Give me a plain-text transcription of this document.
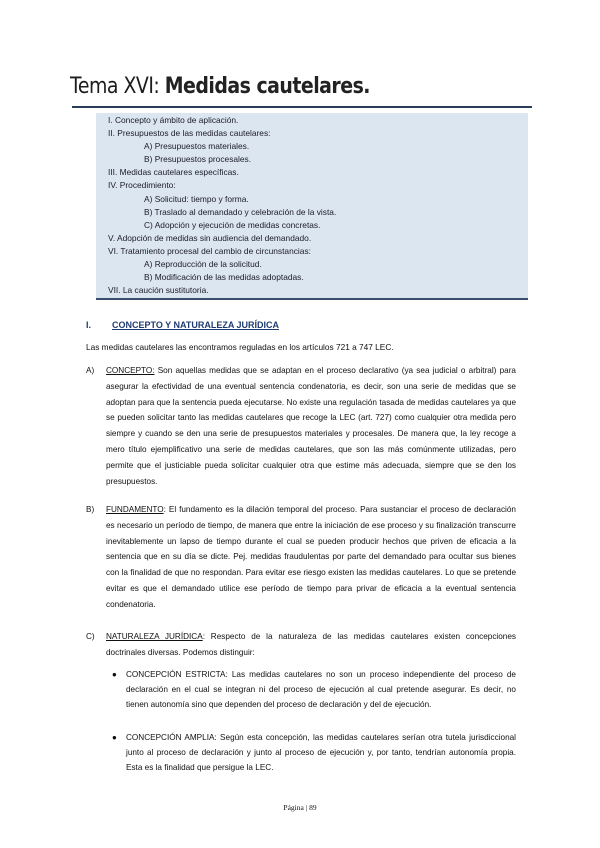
Tema XVI: Medidas cautelares.
I. Concepto y ámbito de aplicación.
II. Presupuestos de las medidas cautelares:
A) Presupuestos materiales.
B) Presupuestos procesales.
III. Medidas cautelares específicas.
IV. Procedimiento:
A) Solicitud: tiempo y forma.
B) Traslado al demandado y celebración de la vista.
C) Adopción y ejecución de medidas concretas.
V. Adopción de medidas sin audiencia del demandado.
VI. Tratamiento procesal del cambio de circunstancias:
A) Reproducción de la solicitud.
B) Modificación de las medidas adoptadas.
VII. La caución sustitutoria.
I. CONCEPTO Y NATURALEZA JURÍDICA
Las medidas cautelares las encontramos reguladas en los artículos 721 a 747 LEC.
A) CONCEPTO: Son aquellas medidas que se adaptan en el proceso declarativo (ya sea judicial o arbitral) para asegurar la efectividad de una eventual sentencia condenatoria, es decir, son una serie de medidas que se adoptan para que la sentencia pueda ejecutarse. No existe una regulación tasada de medidas cautelares ya que se pueden solicitar tanto las medidas cautelares que recoge la LEC (art. 727) como cualquier otra medida pero siempre y cuando se den una serie de presupuestos materiales y procesales. De manera que, la ley recoge a mero título ejemplificativo una serie de medidas cautelares, que son las más comúnmente utilizadas, pero permite que el justiciable pueda solicitar cualquier otra que estime más adecuada, siempre que se den los presupuestos.
B) FUNDAMENTO: El fundamento es la dilación temporal del proceso. Para sustanciar el proceso de declaración es necesario un período de tiempo, de manera que entre la iniciación de ese proceso y su finalización transcurre inevitablemente un lapso de tiempo durante el cual se pueden producir hechos que priven de eficacia a la sentencia que en su día se dicte. Pej. medidas fraudulentas por parte del demandado para ocultar sus bienes con la finalidad de que no respondan. Para evitar ese riesgo existen las medidas cautelares. Lo que se pretende evitar es que el demandado utilice ese período de tiempo para privar de eficacia a la eventual sentencia condenatoria.
C) NATURALEZA JURÍDICA: Respecto de la naturaleza de las medidas cautelares existen concepciones doctrinales diversas. Podemos distinguir:
● CONCEPCIÓN ESTRICTA: Las medidas cautelares no son un proceso independiente del proceso de declaración en el cual se integran ni del proceso de ejecución al cual pretende asegurar. Es decir, no tienen autonomía sino que dependen del proceso de declaración y del de ejecución.
● CONCEPCIÓN AMPLIA: Según esta concepción, las medidas cautelares serían otra tutela jurisdiccional junto al proceso de declaración y junto al proceso de ejecución y, por tanto, tendrían autonomía propia. Esta es la finalidad que persigue la LEC.
Página | 89
